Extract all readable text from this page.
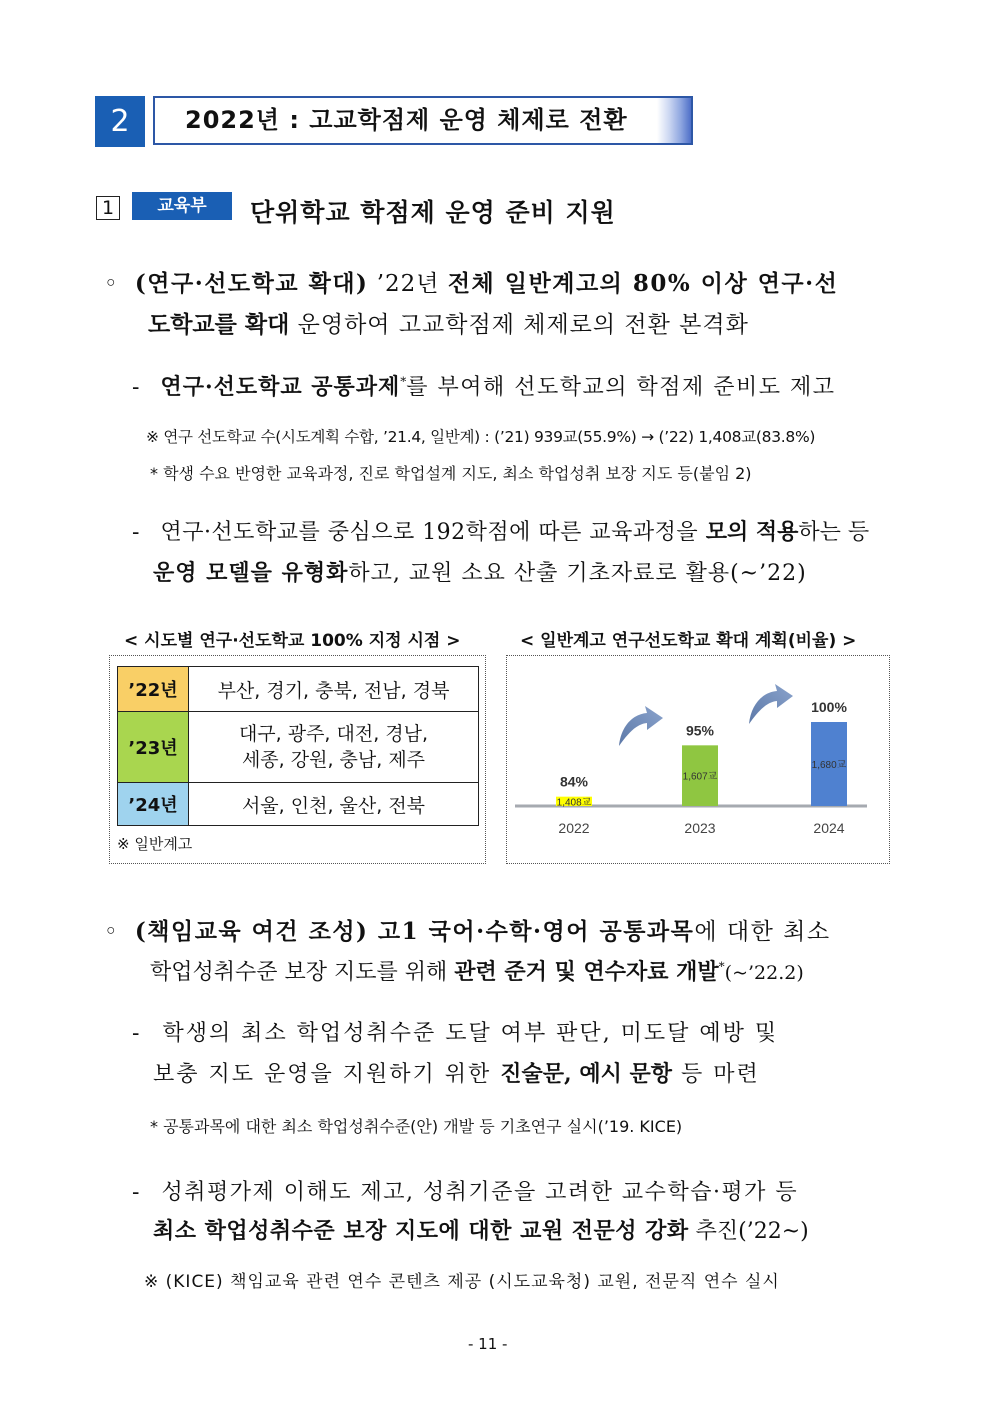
2	2022년 : 고교학점제 운영 체제로 전환
1	교육부	단위학교 학점제 운영 준비 지원
◦ (연구·선도학교 확대) ’22년 전체 일반계고의 80% 이상 연구·선
도학교를 확대 운영하여 고교학점제 체제로의 전환 본격화
- 연구·선도학교 공통과제*를 부여해 선도학교의 학점제 준비도 제고
※ 연구 선도학교 수(시도계획 수합, ’21.4, 일반계) : (’21) 939교(55.9%) → (’22) 1,408교(83.8%)
* 학생 수요 반영한 교육과정, 진로 학업설계 지도, 최소 학업성취 보장 지도 등(붙임 2)
- 연구·선도학교를 중심으로 192학점에 따른 교육과정을 모의 적용하는 등
운영 모델을 유형화하고, 교원 소요 산출 기초자료로 활용(~’22)
< 시도별 연구·선도학교 100% 지정 시점 >	< 일반계고 연구선도학교 확대 계획(비율) >
’22년	부산, 경기, 충북, 전남, 경북
’23년	대구, 광주, 대전, 경남,
세종, 강원, 충남, 제주

’24년	서울, 인천, 울산, 전북
※ 일반계고
1,408교
84%
2022
1,607교
95%
2023
1,680교
100%
2024
◦ (책임교육 여건 조성) 고1 국어·수학·영어 공통과목에 대한 최소
학업성취수준 보장 지도를 위해 관련 준거 및 연수자료 개발*(~’22.2)
- 학생의 최소 학업성취수준 도달 여부 판단, 미도달 예방 및
보충 지도 운영을 지원하기 위한 진술문, 예시 문항 등 마련
* 공통과목에 대한 최소 학업성취수준(안) 개발 등 기초연구 실시(’19. KICE)
- 성취평가제 이해도 제고, 성취기준을 고려한 교수학습·평가 등
최소 학업성취수준 보장 지도에 대한 교원 전문성 강화 추진(’22~)
※ (KICE) 책임교육 관련 연수 콘텐츠 제공 (시도교육청) 교원, 전문직 연수 실시
- 11 -
